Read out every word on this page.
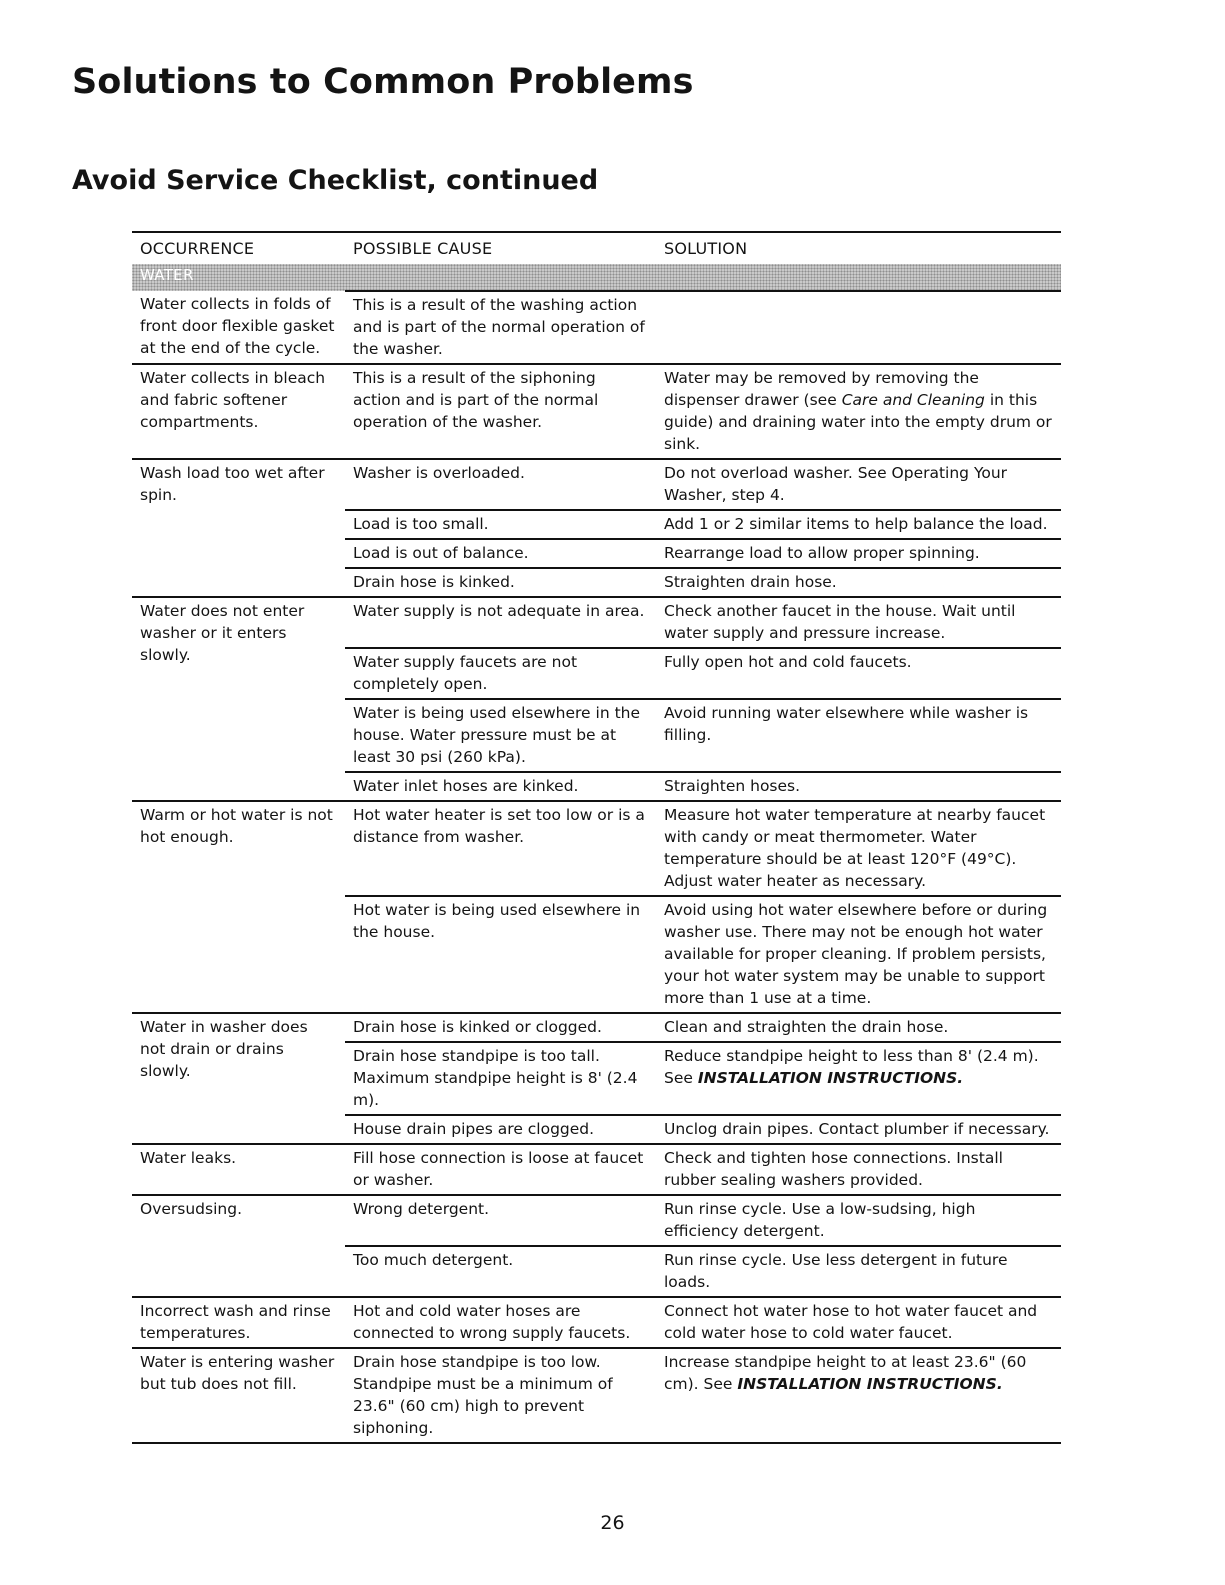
Solutions to Common Problems
Avoid Service Checklist, continued
OCCURRENCE	POSSIBLE CAUSE	SOLUTION
WATER		
Water collects in folds of front door flexible gasket at the end of the cycle.	This is a result of the washing action and is part of the normal operation of the washer.	
Water collects in bleach and fabric softener compartments.	This is a result of the siphoning action and is part of the normal operation of the washer.	Water may be removed by removing the dispenser drawer (see Care and Cleaning in this guide) and draining water into the empty drum or sink.
Wash load too wet after spin.	Washer is overloaded.	Do not overload washer. See Operating Your Washer, step 4.
	Load is too small.	Add 1 or 2 similar items to help balance the load.
	Load is out of balance.	Rearrange load to allow proper spinning.
	Drain hose is kinked.	Straighten drain hose.
Water does not enter washer or it enters slowly.	Water supply is not adequate in area.	Check another faucet in the house. Wait until water supply and pressure increase.
	Water supply faucets are not completely open.	Fully open hot and cold faucets.
	Water is being used elsewhere in the house. Water pressure must be at least 30 psi (260 kPa).	Avoid running water elsewhere while washer is filling.
	Water inlet hoses are kinked.	Straighten hoses.
Warm or hot water is not hot enough.	Hot water heater is set too low or is a distance from washer.	Measure hot water temperature at nearby faucet with candy or meat thermometer. Water temperature should be at least 120°F (49°C). Adjust water heater as necessary.
	Hot water is being used elsewhere in the house.	Avoid using hot water elsewhere before or during washer use. There may not be enough hot water available for proper cleaning. If problem persists, your hot water system may be unable to support more than 1 use at a time.
Water in washer does not drain or drains slowly.	Drain hose is kinked or clogged.	Clean and straighten the drain hose.
	Drain hose standpipe is too tall. Maximum standpipe height is 8' (2.4 m).	Reduce standpipe height to less than 8' (2.4 m). See INSTALLATION INSTRUCTIONS.
	House drain pipes are clogged.	Unclog drain pipes. Contact plumber if necessary.
Water leaks.	Fill hose connection is loose at faucet or washer.	Check and tighten hose connections. Install rubber sealing washers provided.
Oversudsing.	Wrong detergent.	Run rinse cycle. Use a low-sudsing, high efficiency detergent.
	Too much detergent.	Run rinse cycle. Use less detergent in future loads.
Incorrect wash and rinse temperatures.	Hot and cold water hoses are connected to wrong supply faucets.	Connect hot water hose to hot water faucet and cold water hose to cold water faucet.
Water is entering washer but tub does not fill.	Drain hose standpipe is too low. Standpipe must be a minimum of 23.6" (60 cm) high to prevent siphoning.	Increase standpipe height to at least 23.6" (60 cm). See INSTALLATION INSTRUCTIONS.
26
